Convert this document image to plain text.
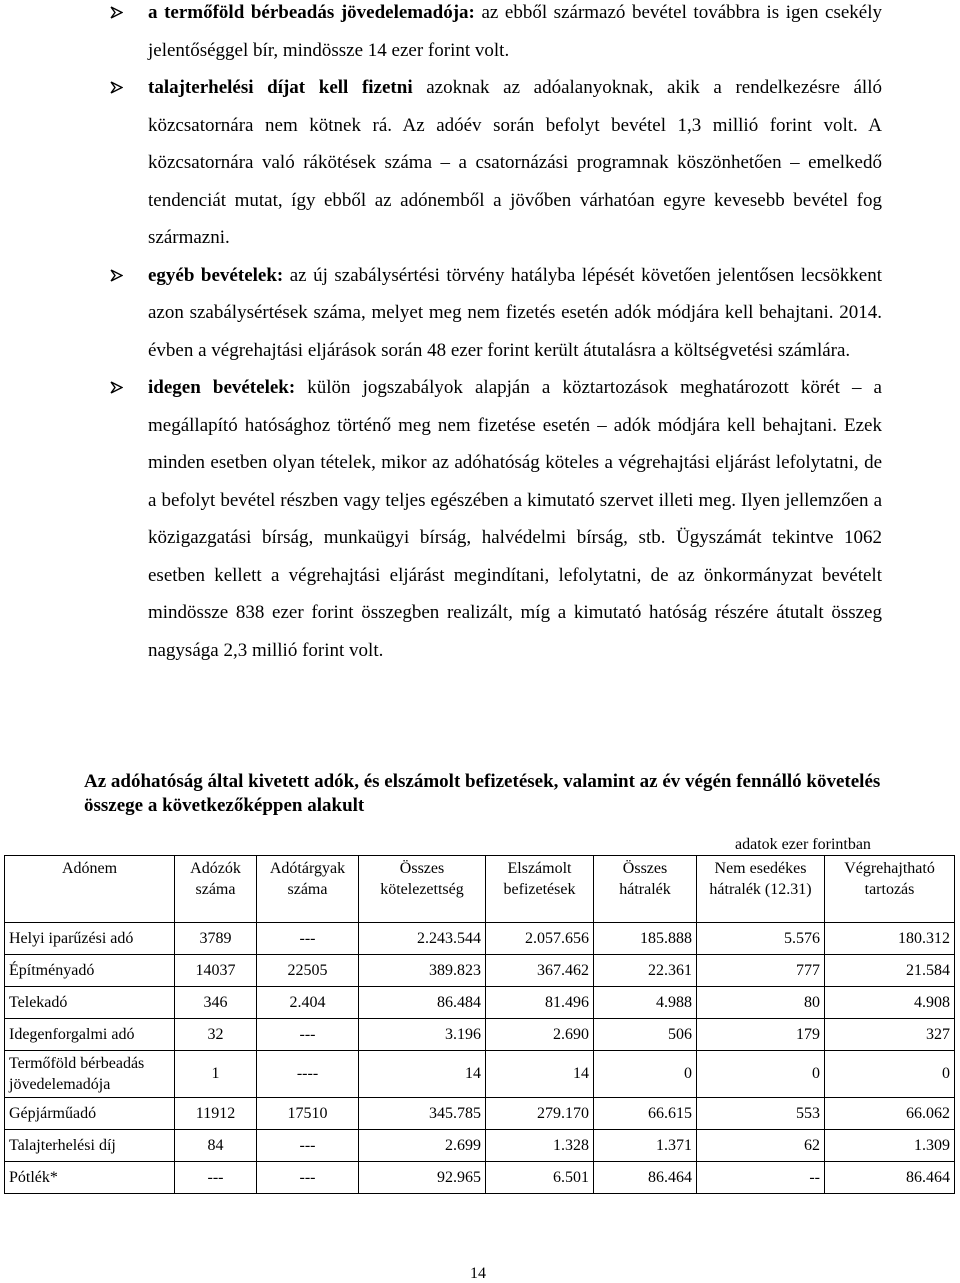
a termőföld bérbeadás jövedelemadója: az ebből származó bevétel továbbra is igen csekély jelentőséggel bír, mindössze 14 ezer forint volt.
talajterhelési díjat kell fizetni azoknak az adóalanyoknak, akik a rendelkezésre álló közcsatornára nem kötnek rá. Az adóév során befolyt bevétel 1,3 millió forint volt. A közcsatornára való rákötések száma – a csatornázási programnak köszönhetően – emelkedő tendenciát mutat, így ebből az adónemből a jövőben várhatóan egyre kevesebb bevétel fog származni.
egyéb bevételek: az új szabálysértési törvény hatályba lépését követően jelentősen lecsökkent azon szabálysértések száma, melyet meg nem fizetés esetén adók módjára kell behajtani. 2014. évben a végrehajtási eljárások során 48 ezer forint került átutalásra a költségvetési számlára.
idegen bevételek: külön jogszabályok alapján a köztartozások meghatározott körét – a megállapító hatósághoz történő meg nem fizetése esetén – adók módjára kell behajtani. Ezek minden esetben olyan tételek, mikor az adóhatóság köteles a végrehajtási eljárást lefolytatni, de a befolyt bevétel részben vagy teljes egészében a kimutató szervet illeti meg. Ilyen jellemzően a közigazgatási bírság, munkaügyi bírság, halvédelmi bírság, stb. Ügyszámát tekintve 1062 esetben kellett a végrehajtási eljárást megindítani, lefolytatni, de az önkormányzat bevételt mindössze 838 ezer forint összegben realizált, míg a kimutató hatóság részére átutalt összeg nagysága 2,3 millió forint volt.
Az adóhatóság által kivetett adók, és elszámolt befizetések, valamint az év végén fennálló követelés összege a következőképpen alakult
adatok ezer forintban
Adónem	Adózók száma	Adótárgyak száma	Összes kötelezettség	Elszámolt befizetések	Összes hátralék	Nem esedékes hátralék (12.31)	Végrehajtható tartozás
Helyi iparűzési adó	3789	---	2.243.544	2.057.656	185.888	5.576	180.312
Építményadó	14037	22505	389.823	367.462	22.361	777	21.584
Telekadó	346	2.404	86.484	81.496	4.988	80	4.908
Idegenforgalmi adó	32	---	3.196	2.690	506	179	327
Termőföld bérbeadás jövedelemadója	1	----	14	14	0	0	0
Gépjárműadó	11912	17510	345.785	279.170	66.615	553	66.062
Talajterhelési díj	84	---	2.699	1.328	1.371	62	1.309
Pótlék*	---	---	92.965	6.501	86.464	--	86.464
14
